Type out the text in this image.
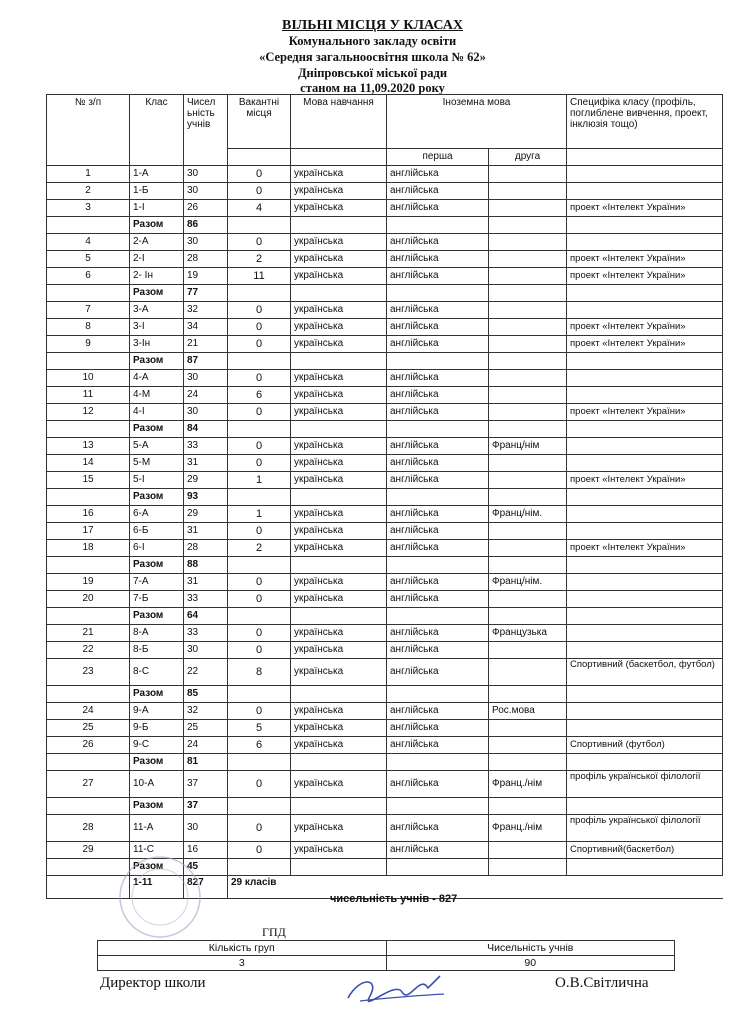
ВІЛЬНІ МІСЦЯ У КЛАСАХ
Комунального закладу освіти
«Середня загальноосвітня школа № 62»
Дніпровської міської ради
станом на 11,09.2020 року
№ з/п	Клас	Чисел ьність учнів	Вакантні місця	Мова навчання	Іноземна мова		Специфіка класу (профіль, поглиблене вивчення, проект, інклюзія тощо)
					перша	друга	
1	1-А	30	0	українська	англійська		
2	1-Б	30	0	українська	англійська		
3	1-І	26	4	українська	англійська		проект «Інтелект України»
	Разом	86					
4	2-А	30	0	українська	англійська		
5	2-І	28	2	українська	англійська		проект «Інтелект України»
6	2- Ін	19	11	українська	англійська		проект «Інтелект України»
	Разом	77					
7	3-А	32	0	українська	англійська		
8	3-І	34	0	українська	англійська		проект «Інтелект України»
9	3-Ін	21	0	українська	англійська		проект «Інтелект України»
	Разом	87					
10	4-А	30	0	українська	англійська		
11	4-М	24	6	українська	англійська		
12	4-І	30	0	українська	англійська		проект «Інтелект України»
	Разом	84					
13	5-А	33	0	українська	англійська	Франц/нім	
14	5-М	31	0	українська	англійська		
15	5-І	29	1	українська	англійська		проект «Інтелект України»
	Разом	93					
16	6-А	29	1	українська	англійська	Франц/нім.	
17	6-Б	31	0	українська	англійська		
18	6-І	28	2	українська	англійська		проект «Інтелект України»
	Разом	88					
19	7-А	31	0	українська	англійська	Франц/нім.	
20	7-Б	33	0	українська	англійська		
	Разом	64					
21	8-А	33	0	українська	англійська	Французька	
22	8-Б	30	0	українська	англійська		
23	8-С	22	8	українська	англійська		Спортивний (баскетбол, футбол)
	Разом	85					
24	9-А	32	0	українська	англійська	Рос.мова	
25	9-Б	25	5	українська	англійська		
26	9-С	24	6	українська	англійська		Спортивний (футбол)
	Разом	81					
27	10-А	37	0	українська	англійська	Франц./нім	профіль української філології
	Разом	37					
28	11-А	30	0	українська	англійська	Франц./нім	профіль української філології
29	11-С	16	0	українська	англійська		Спортивний(баскетбол)
	Разом	45					
	1-11	827	29 класів				
чисельність учнів - 827
ГПД
Кількість груп	Чисельність учнів
3	90
Директор школи	О.В.Світлична
